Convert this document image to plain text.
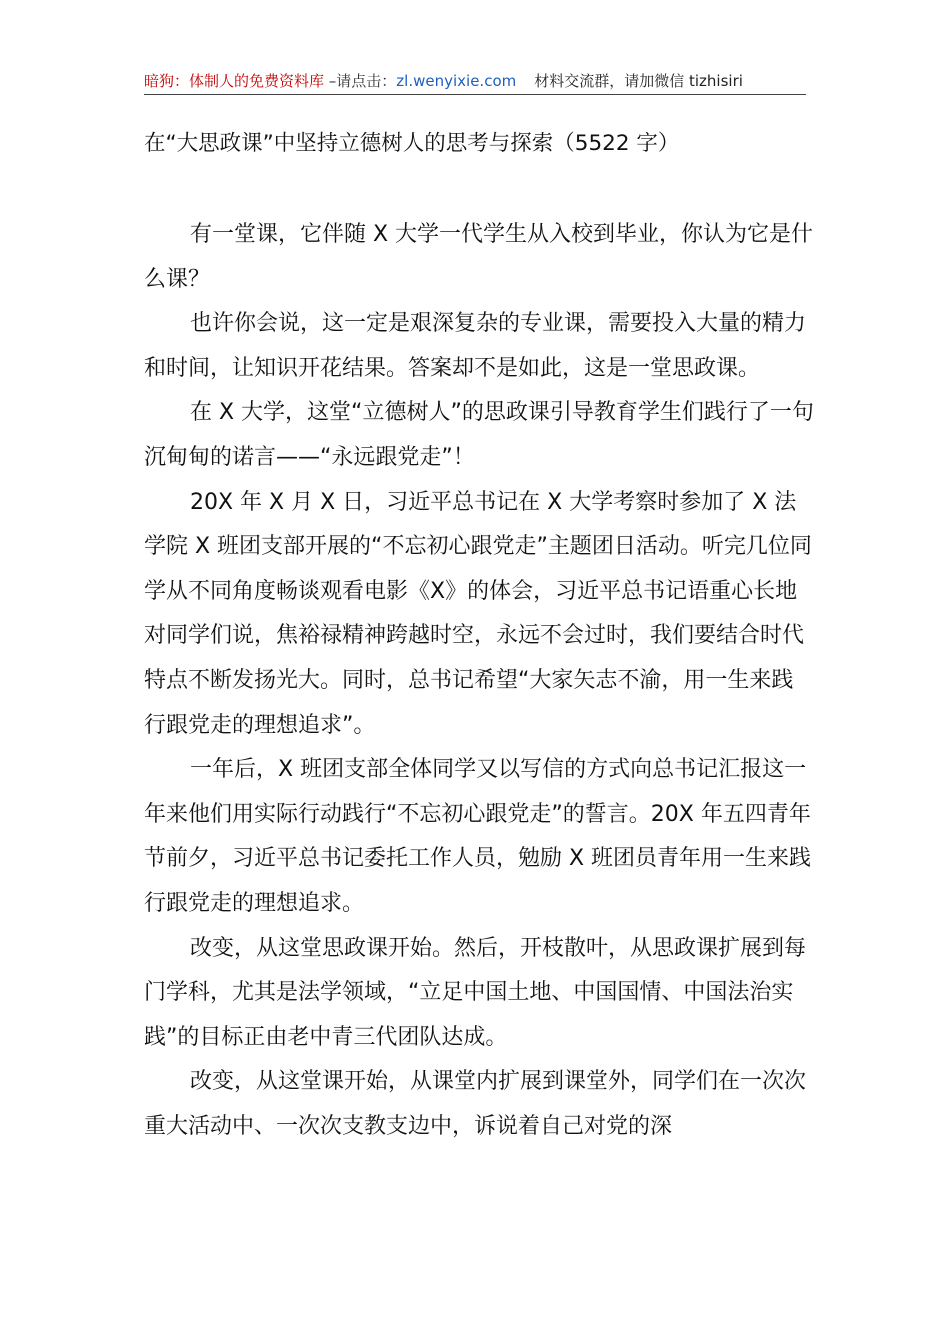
暗狗：体制人的免费资料库 –请点击：zl.wenyixie.com 材料交流群，请加微信 tizhisiri
在“大思政课”中坚持立德树人的思考与探索（5522 字）

有一堂课，它伴随 X 大学一代学生从入校到毕业，你认为它是什么课？

也许你会说，这一定是艰深复杂的专业课，需要投入大量的精力和时间，让知识开花结果。答案却不是如此，这是一堂思政课。

在 X 大学，这堂“立德树人”的思政课引导教育学生们践行了一句沉甸甸的诺言——“永远跟党走”！

20X 年 X 月 X 日，习近平总书记在 X 大学考察时参加了 X 法学院 X 班团支部开展的“不忘初心跟党走”主题团日活动。听完几位同学从不同角度畅谈观看电影《X》的体会，习近平总书记语重心长地对同学们说，焦裕禄精神跨越时空，永远不会过时，我们要结合时代特点不断发扬光大。同时，总书记希望“大家矢志不渝，用一生来践行跟党走的理想追求”。

一年后，X 班团支部全体同学又以写信的方式向总书记汇报这一年来他们用实际行动践行“不忘初心跟党走”的誓言。20X 年五四青年节前夕，习近平总书记委托工作人员，勉励 X 班团员青年用一生来践行跟党走的理想追求。

改变，从这堂思政课开始。然后，开枝散叶，从思政课扩展到每门学科，尤其是法学领域，“立足中国土地、中国国情、中国法治实践”的目标正由老中青三代团队达成。

改变，从这堂课开始，从课堂内扩展到课堂外，同学们在一次次重大活动中、一次次支教支边中，诉说着自己对党的深
